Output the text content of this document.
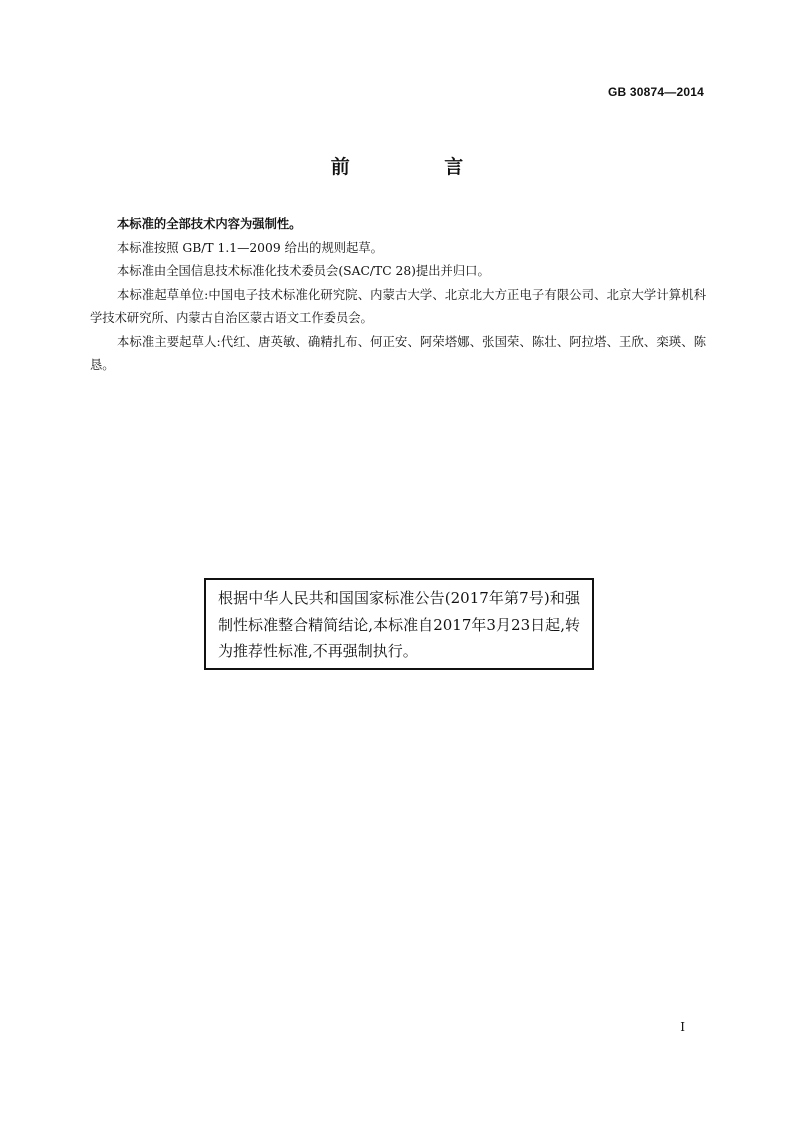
GB 30874—2014
前 言

本标准的全部技术内容为强制性。

本标准按照 GB/T 1.1—2009 给出的规则起草。

本标准由全国信息技术标准化技术委员会(SAC/TC 28)提出并归口。

本标准起草单位:中国电子技术标准化研究院、内蒙古大学、北京北大方正电子有限公司、北京大学计算机科学技术研究所、内蒙古自治区蒙古语文工作委员会。

本标准主要起草人:代红、唐英敏、确精扎布、何正安、阿荣塔娜、张国荣、陈壮、阿拉塔、王欣、栾瑛、陈恳。

根据中华人民共和国国家标准公告(2017年第7号)和强制性标准整合精简结论,本标准自2017年3月23日起,转为推荐性标准,不再强制执行。
I
